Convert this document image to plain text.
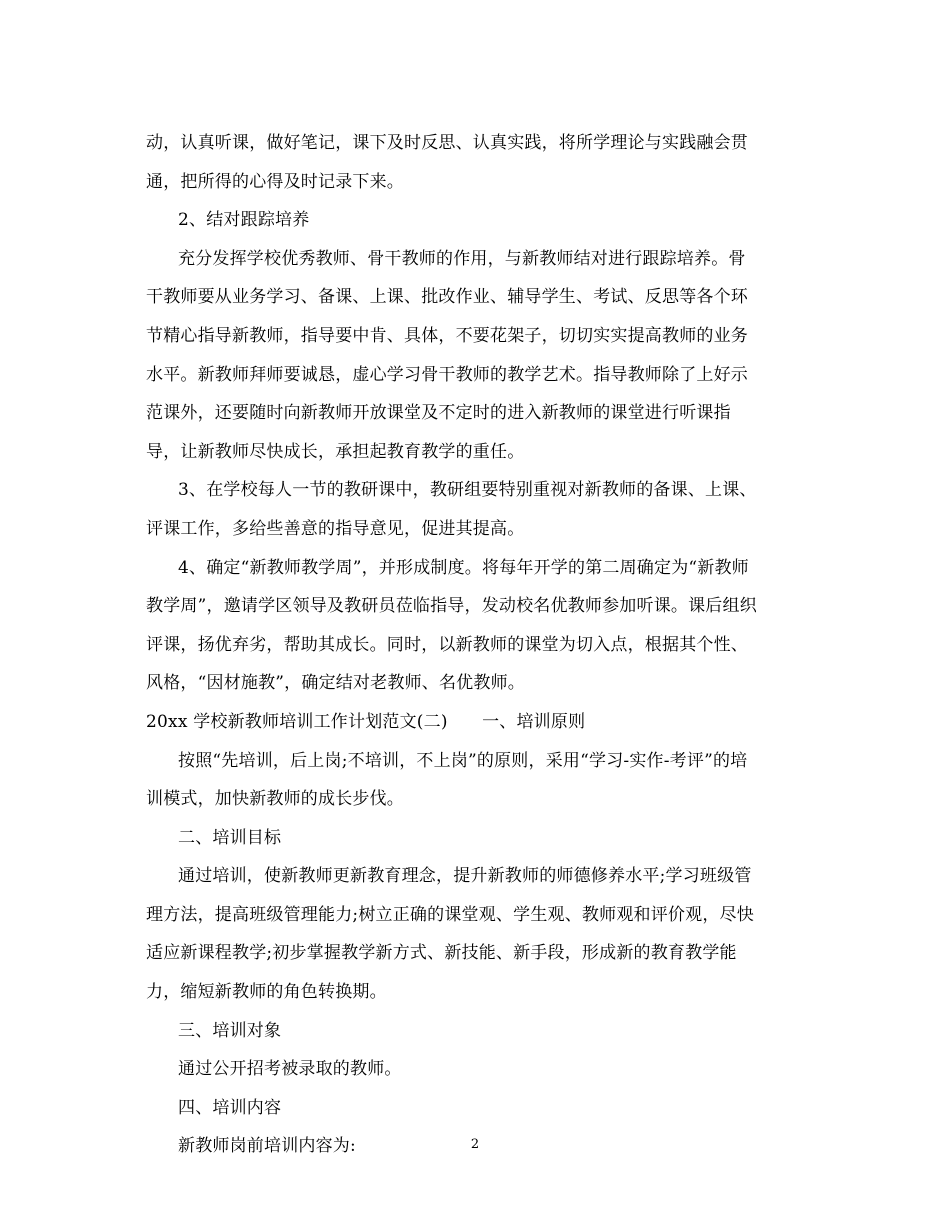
动，认真听课，做好笔记，课下及时反思、认真实践，将所学理论与实践融会贯
通，把所得的心得及时记录下来。
2、结对跟踪培养
充分发挥学校优秀教师、骨干教师的作用，与新教师结对进行跟踪培养。骨
干教师要从业务学习、备课、上课、批改作业、辅导学生、考试、反思等各个环
节精心指导新教师，指导要中肯、具体，不要花架子，切切实实提高教师的业务
水平。新教师拜师要诚恳，虚心学习骨干教师的教学艺术。指导教师除了上好示
范课外，还要随时向新教师开放课堂及不定时的进入新教师的课堂进行听课指
导，让新教师尽快成长，承担起教育教学的重任。
3、在学校每人一节的教研课中，教研组要特别重视对新教师的备课、上课、
评课工作，多给些善意的指导意见，促进其提高。
4、确定“新教师教学周”，并形成制度。将每年开学的第二周确定为“新教师
教学周”，邀请学区领导及教研员莅临指导，发动校名优教师参加听课。课后组织
评课，扬优弃劣，帮助其成长。同时，以新教师的课堂为切入点，根据其个性、
风格，“因材施教”，确定结对老教师、名优教师。
20xx 学校新教师培训工作计划范文(二)　　一、培训原则
按照“先培训，后上岗;不培训，不上岗”的原则，采用“学习-实作-考评”的培
训模式，加快新教师的成长步伐。
二、培训目标
通过培训，使新教师更新教育理念，提升新教师的师德修养水平;学习班级管
理方法，提高班级管理能力;树立正确的课堂观、学生观、教师观和评价观，尽快
适应新课程教学;初步掌握教学新方式、新技能、新手段，形成新的教育教学能
力，缩短新教师的角色转换期。
三、培训对象
通过公开招考被录取的教师。
四、培训内容
新教师岗前培训内容为:	2
